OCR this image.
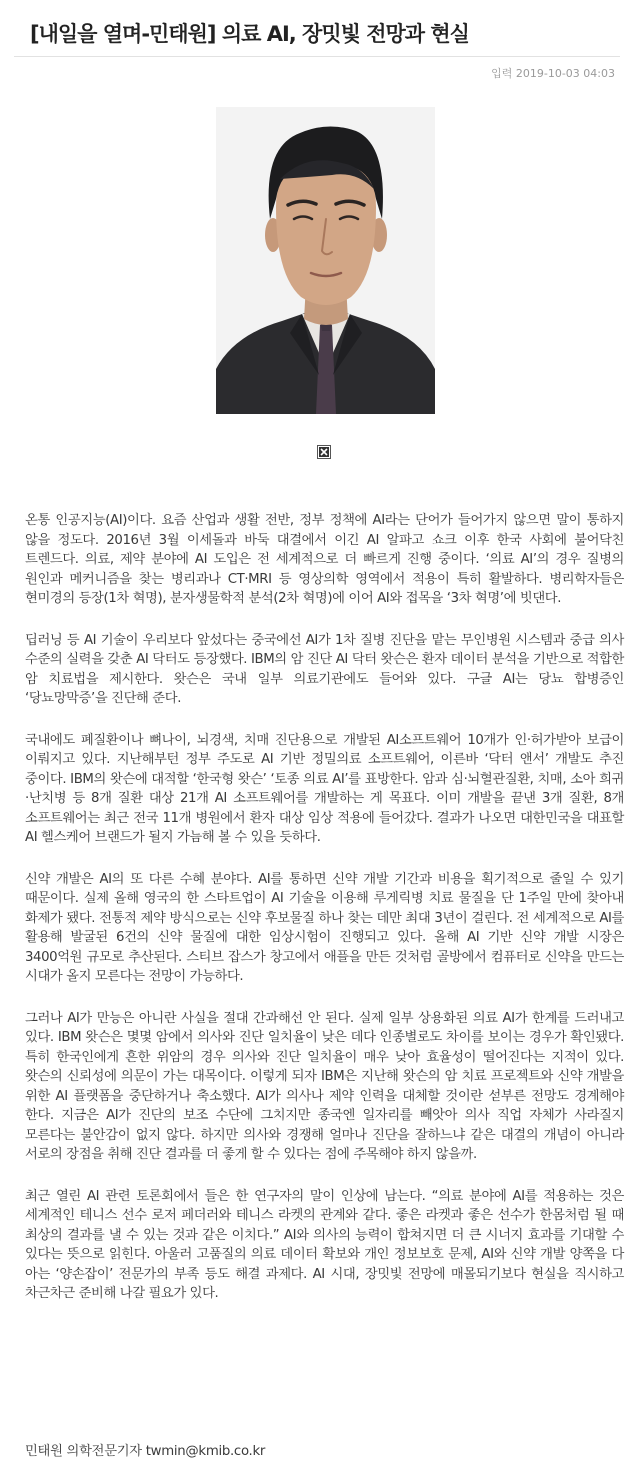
[내일을 열며-민태원] 의료 AI, 장밋빛 전망과 현실
입력 2019-10-03 04:03

온통 인공지능(AI)이다. 요즘 산업과 생활 전반, 정부 정책에 AI라는 단어가 들어가지 않으면 말이 통하지 않을 정도다. 2016년 3월 이세돌과 바둑 대결에서 이긴 AI 알파고 쇼크 이후 한국 사회에 불어닥친 트렌드다. 의료, 제약 분야에 AI 도입은 전 세계적으로 더 빠르게 진행 중이다. ‘의료 AI’의 경우 질병의 원인과 메커니즘을 찾는 병리과나 CT·MRI 등 영상의학 영역에서 적용이 특히 활발하다. 병리학자들은 현미경의 등장(1차 혁명), 분자생물학적 분석(2차 혁명)에 이어 AI와 접목을 ‘3차 혁명’에 빗댄다.

딥러닝 등 AI 기술이 우리보다 앞섰다는 중국에선 AI가 1차 질병 진단을 맡는 무인병원 시스템과 중급 의사 수준의 실력을 갖춘 AI 닥터도 등장했다. IBM의 암 진단 AI 닥터 왓슨은 환자 데이터 분석을 기반으로 적합한 암 치료법을 제시한다. 왓슨은 국내 일부 의료기관에도 들어와 있다. 구글 AI는 당뇨 합병증인 ‘당뇨망막증’을 진단해 준다.

국내에도 폐질환이나 뼈나이, 뇌경색, 치매 진단용으로 개발된 AI소프트웨어 10개가 인·허가받아 보급이 이뤄지고 있다. 지난해부턴 정부 주도로 AI 기반 정밀의료 소프트웨어, 이른바 ‘닥터 앤서’ 개발도 추진 중이다. IBM의 왓슨에 대적할 ‘한국형 왓슨’ ‘토종 의료 AI’를 표방한다. 암과 심·뇌혈관질환, 치매, 소아 희귀·난치병 등 8개 질환 대상 21개 AI 소프트웨어를 개발하는 게 목표다. 이미 개발을 끝낸 3개 질환, 8개 소프트웨어는 최근 전국 11개 병원에서 환자 대상 임상 적용에 들어갔다. 결과가 나오면 대한민국을 대표할 AI 헬스케어 브랜드가 될지 가늠해 볼 수 있을 듯하다.

신약 개발은 AI의 또 다른 수혜 분야다. AI를 통하면 신약 개발 기간과 비용을 획기적으로 줄일 수 있기 때문이다. 실제 올해 영국의 한 스타트업이 AI 기술을 이용해 루게릭병 치료 물질을 단 1주일 만에 찾아내 화제가 됐다. 전통적 제약 방식으로는 신약 후보물질 하나 찾는 데만 최대 3년이 걸린다. 전 세계적으로 AI를 활용해 발굴된 6건의 신약 물질에 대한 임상시험이 진행되고 있다. 올해 AI 기반 신약 개발 시장은 3400억원 규모로 추산된다. 스티브 잡스가 창고에서 애플을 만든 것처럼 골방에서 컴퓨터로 신약을 만드는 시대가 올지 모른다는 전망이 가능하다.

그러나 AI가 만능은 아니란 사실을 절대 간과해선 안 된다. 실제 일부 상용화된 의료 AI가 한계를 드러내고 있다. IBM 왓슨은 몇몇 암에서 의사와 진단 일치율이 낮은 데다 인종별로도 차이를 보이는 경우가 확인됐다. 특히 한국인에게 흔한 위암의 경우 의사와 진단 일치율이 매우 낮아 효율성이 떨어진다는 지적이 있다. 왓슨의 신뢰성에 의문이 가는 대목이다. 이렇게 되자 IBM은 지난해 왓슨의 암 치료 프로젝트와 신약 개발을 위한 AI 플랫폼을 중단하거나 축소했다. AI가 의사나 제약 인력을 대체할 것이란 섣부른 전망도 경계해야 한다. 지금은 AI가 진단의 보조 수단에 그치지만 종국엔 일자리를 빼앗아 의사 직업 자체가 사라질지 모른다는 불안감이 없지 않다. 하지만 의사와 경쟁해 얼마나 진단을 잘하느냐 같은 대결의 개념이 아니라 서로의 장점을 취해 진단 결과를 더 좋게 할 수 있다는 점에 주목해야 하지 않을까.

최근 열린 AI 관련 토론회에서 들은 한 연구자의 말이 인상에 남는다. “의료 분야에 AI를 적용하는 것은 세계적인 테니스 선수 로저 페더러와 테니스 라켓의 관계와 같다. 좋은 라켓과 좋은 선수가 한몸처럼 될 때 최상의 결과를 낼 수 있는 것과 같은 이치다.” AI와 의사의 능력이 합쳐지면 더 큰 시너지 효과를 기대할 수 있다는 뜻으로 읽힌다. 아울러 고품질의 의료 데이터 확보와 개인 정보보호 문제, AI와 신약 개발 양쪽을 다 아는 ‘양손잡이’ 전문가의 부족 등도 해결 과제다. AI 시대, 장밋빛 전망에 매몰되기보다 현실을 직시하고 차근차근 준비해 나갈 필요가 있다.

민태원 의학전문기자 twmin@kmib.co.kr
